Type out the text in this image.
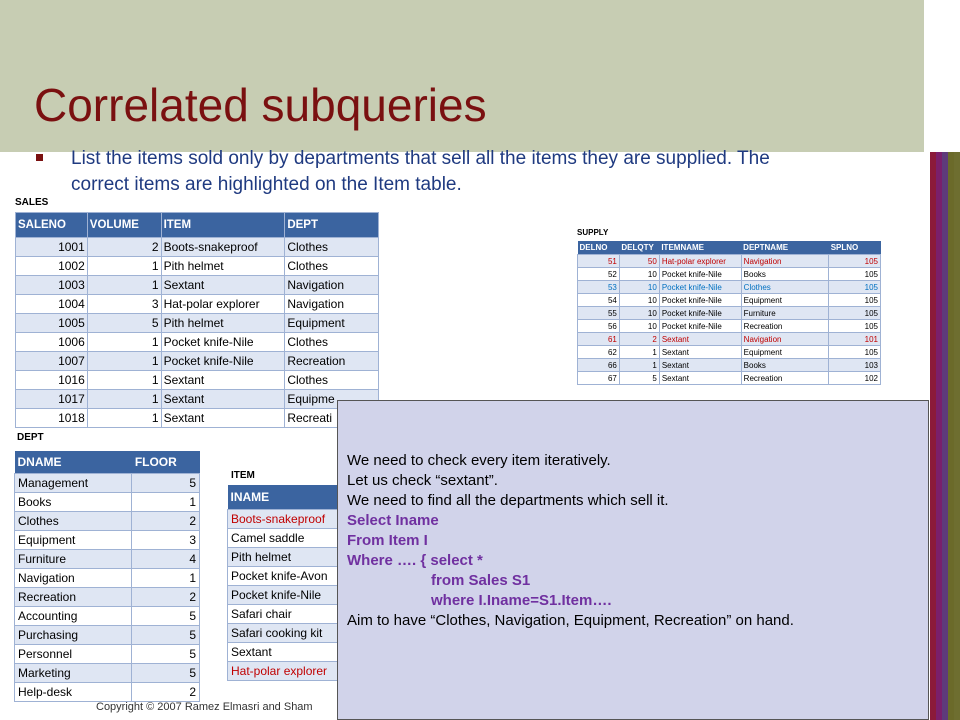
Correlated subqueries
List the items sold only by departments that sell all the items they are supplied. The correct items are highlighted on the Item table.
SALES
SALENO	VOLUME	ITEM	DEPT
1001	2	Boots-snakeproof	Clothes
1002	1	Pith helmet	Clothes
1003	1	Sextant	Navigation
1004	3	Hat-polar explorer	Navigation
1005	5	Pith helmet	Equipment
1006	1	Pocket knife-Nile	Clothes
1007	1	Pocket knife-Nile	Recreation
1016	1	Sextant	Clothes
1017	1	Sextant	Equipme
1018	1	Sextant	Recreati
SUPPLY
DELNO	DELQTY	ITEMNAME	DEPTNAME	SPLNO
51	50	Hat-polar explorer	Navigation	105
52	10	Pocket knife-Nile	Books	105
53	10	Pocket knife-Nile	Clothes	105
54	10	Pocket knife-Nile	Equipment	105
55	10	Pocket knife-Nile	Furniture	105
56	10	Pocket knife-Nile	Recreation	105
61	2	Sextant	Navigation	101
62	1	Sextant	Equipment	105
66	1	Sextant	Books	103
67	5	Sextant	Recreation	102
DEPT
DNAME	FLOOR
Management	5
Books	1
Clothes	2
Equipment	3
Furniture	4
Navigation	1
Recreation	2
Accounting	5
Purchasing	5
Personnel	5
Marketing	5
Help-desk	2
ITEM
INAME
Boots-snakeproof
Camel saddle
Pith helmet
Pocket knife-Avon
Pocket knife-Nile
Safari chair
Safari cooking kit
Sextant
Hat-polar explorer
Copyright © 2007 Ramez Elmasri and Sham
We need to check every item iteratively.
Let us check “sextant”.
We need to find all the departments which sell it.
Select Iname
From Item I
Where …. { select *
from Sales S1
where I.Iname=S1.Item….
Aim to have “Clothes, Navigation, Equipment, Recreation” on hand.
